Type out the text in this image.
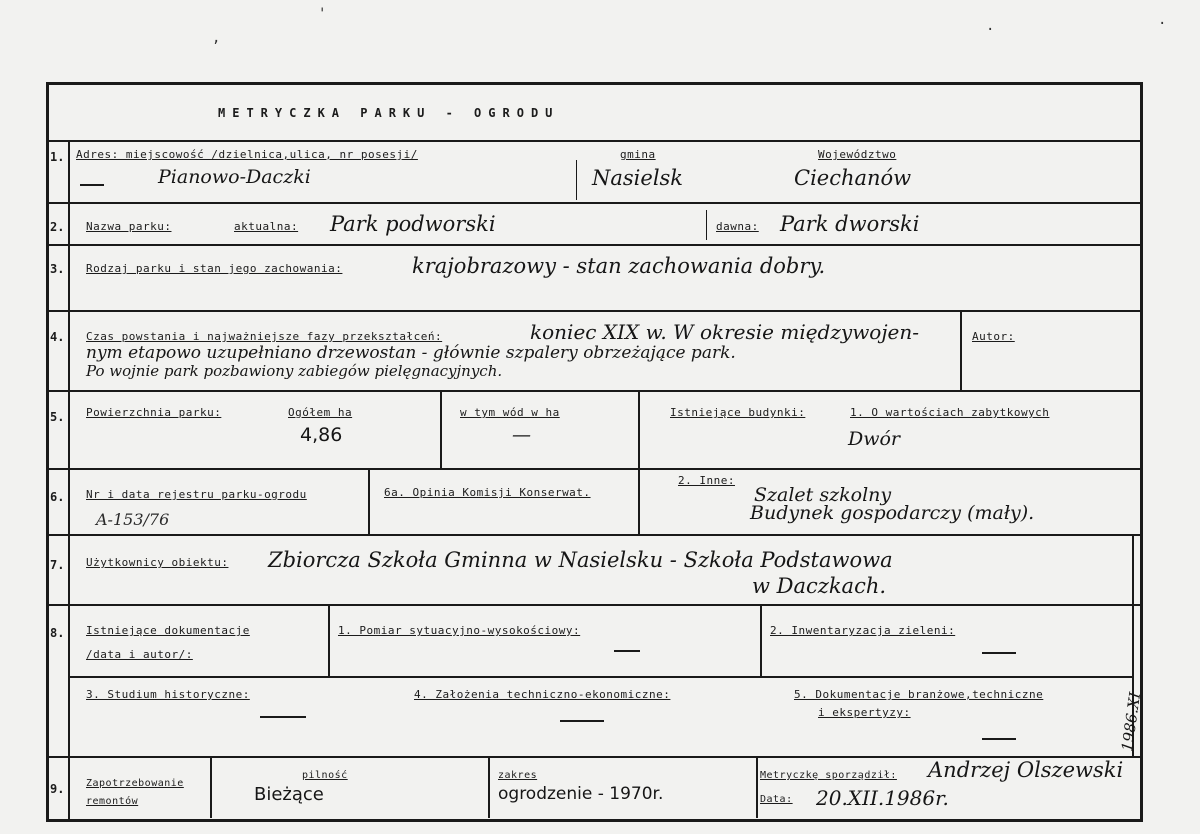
METRYCZKA PARKU - OGRODU
1. Adres: miejscowość /dzielnica,ulica, nr posesji/
Pianowo-Daczki
gmina
Nasielsk
Województwo
Ciechanów
2. Nazwa parku:	aktualna: Park podworski	dawna: Park dworski
3. Rodzaj parku i stan jego zachowania:	krajobrazowy - stan zachowania dobry.
4. Czas powstania i najważniejsze fazy przekształceń:	koniec XIX w. W okresie międzywojen-
nym etapowo uzupełniano drzewostan - głównie szpalery obrzeżające park.
Po wojnie park pozbawiony zabiegów pielęgnacyjnych.
Autor:
5. Powierzchnia parku:	Ogółem ha
4,86
w tym wód w ha
—
Istniejące budynki:	1. O wartościach zabytkowych
Dwór
6. Nr i data rejestru parku-ogrodu
A-153/76
6a. Opinia Komisji Konserwat.
2. Inne:
Szalet szkolny
Budynek gospodarczy (mały).
7. Użytkownicy obiektu: Zbiorcza Szkoła Gminna w Nasielsku - Szkoła Podstawowa
w Daczkach.
8. Istniejące dokumentacje
/data i autor/:
1. Pomiar sytuacyjno-wysokościowy:	2. Inwentaryzacja zieleni:
3. Studium historyczne:	4. Założenia techniczno-ekonomiczne:	5. Dokumentacje branżowe,techniczne
i ekspertyzy:
9. Zapotrzebowanie
remontów
pilność
Bieżące
zakres
ogrodzenie - 1970r.
Metryczkę sporządził: Andrzej Olszewski
Data: 20.XII.1986r.
1986.XI
,
'
·	·
